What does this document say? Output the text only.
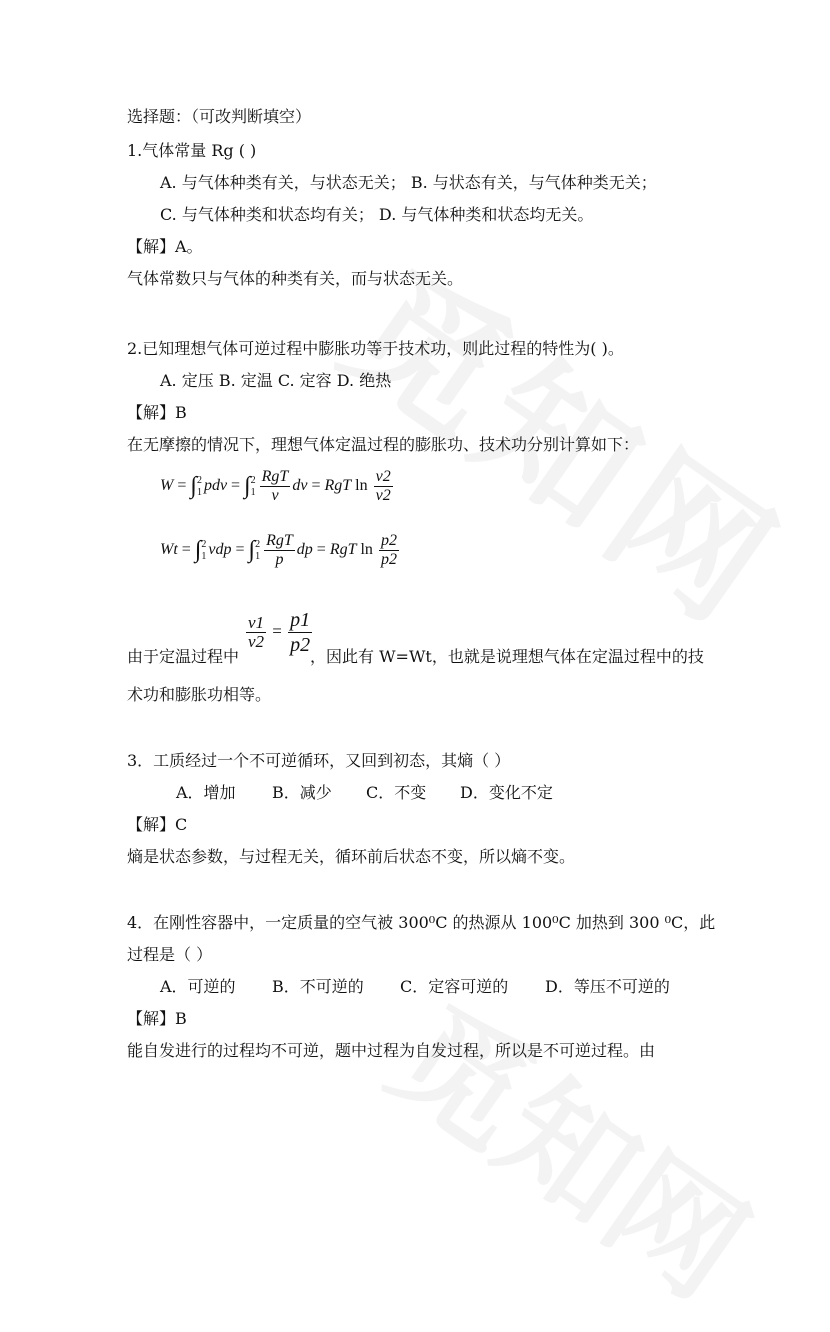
选择题：（可改判断填空）
1.气体常量 Rg ( )
A. 与气体种类有关，与状态无关； B. 与状态有关，与气体种类无关；
C. 与气体种类和状态均有关； D. 与气体种类和状态均无关。
【解】A。
气体常数只与气体的种类有关，而与状态无关。
2.已知理想气体可逆过程中膨胀功等于技术功，则此过程的特性为( )。
A. 定压 B. 定温 C. 定容 D. 绝热
【解】B
在无摩擦的情况下，理想气体定温过程的膨胀功、技术功分别计算如下：
W = ∫ 2
1 pdv = ∫ 2
$1 \frac{\text{RgT}}{v}$ dv = RgT $\ln \frac{v2}{v2}$
Wt = ∫ 2
1 vdp = ∫ 2
$1 \frac{\text{RgT}}{p}$ dp = RgT $\ln \frac{p2}{p2}$
$\frac{v1}{v2} = \frac{p1}{p2}$
由于定温过程中	，因此有 W=Wt，也就是说理想气体在定温过程中的技
术功和膨胀功相等。
3．工质经过一个不可逆循环，又回到初态，其熵（ ）
A．增加 B．减少 C．不变 D．变化不定
【解】C
熵是状态参数，与过程无关，循环前后状态不变，所以熵不变。
4．在刚性容器中，一定质量的空气被 300⁰C 的热源从 100⁰C 加热到 300 ⁰C，此
过程是（ ）
A．可逆的 B．不可逆的 C．定容可逆的 D．等压不可逆的
【解】B
能自发进行的过程均不可逆，题中过程为自发过程，所以是不可逆过程。由
